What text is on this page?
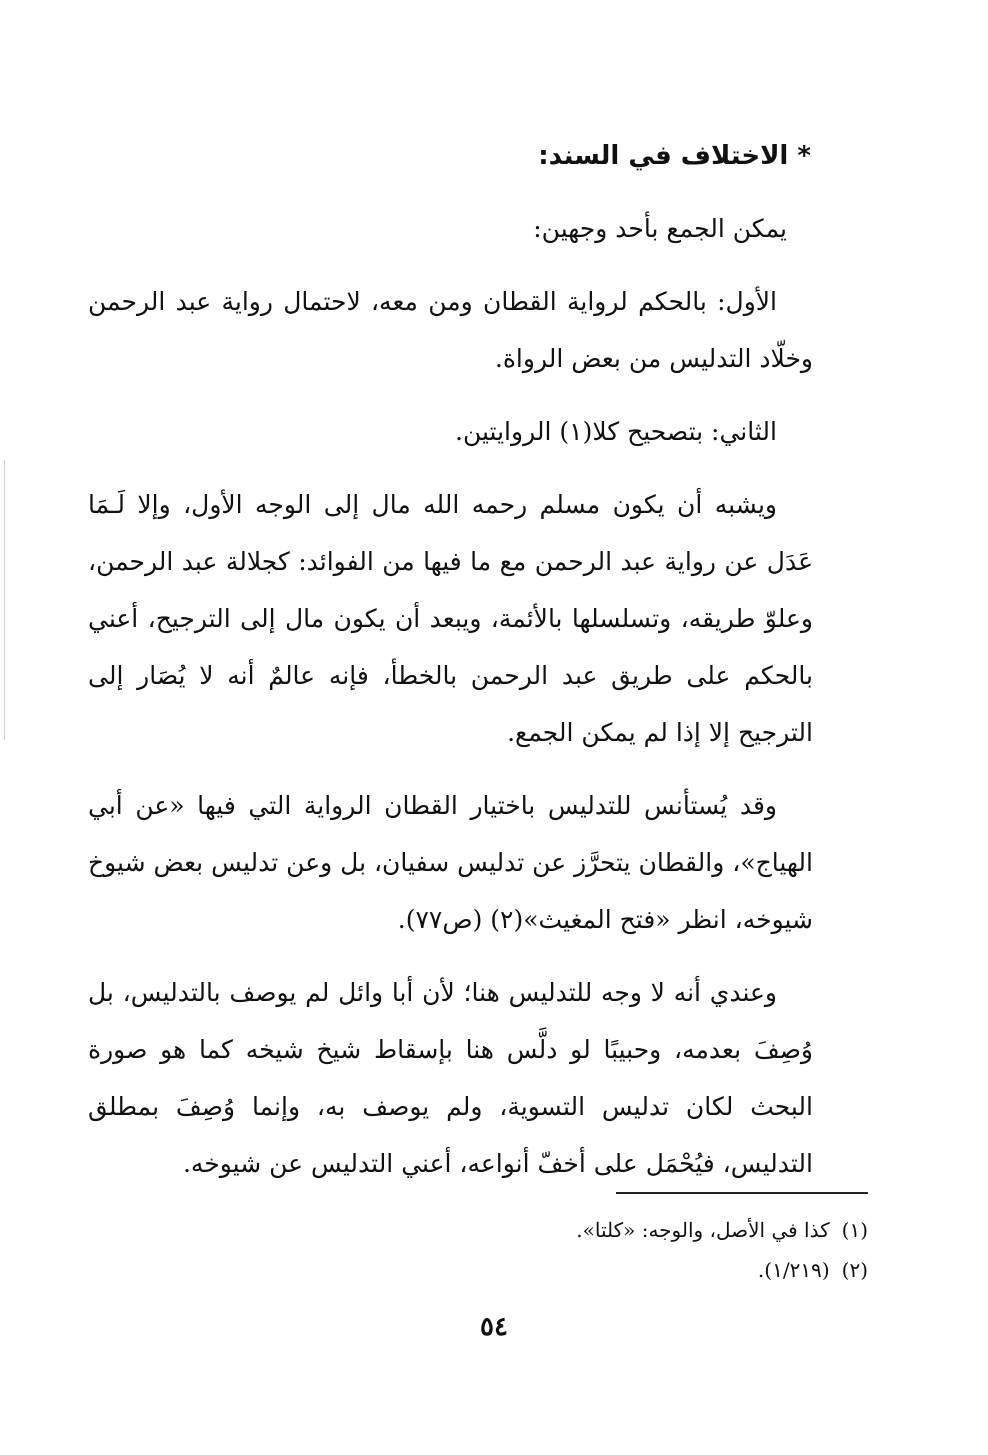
* الاختلاف في السند:

يمكن الجمع بأحد وجهين:

الأول: بالحكم لرواية القطان ومن معه، لاحتمال رواية عبد الرحمن وخلّاد التدليس من بعض الرواة.

الثاني: بتصحيح كلا(١) الروايتين.

ويشبه أن يكون مسلم رحمه الله مال إلى الوجه الأول، وإلا لَـمَا عَدَل عن رواية عبد الرحمن مع ما فيها من الفوائد: كجلالة عبد الرحمن، وعلوّ طريقه، وتسلسلها بالأئمة، ويبعد أن يكون مال إلى الترجيح، أعني بالحكم على طريق عبد الرحمن بالخطأ، فإنه عالمٌ أنه لا يُصَار إلى الترجيح إلا إذا لم يمكن الجمع.

وقد يُستأنس للتدليس باختيار القطان الرواية التي فيها «عن أبي الهياج»، والقطان يتحرَّز عن تدليس سفيان، بل وعن تدليس بعض شيوخ شيوخه، انظر «فتح المغيث»(٢) (ص٧٧).

وعندي أنه لا وجه للتدليس هنا؛ لأن أبا وائل لم يوصف بالتدليس، بل وُصِفَ بعدمه، وحبيبًا لو دلَّس هنا بإسقاط شيخ شيخه كما هو صورة البحث لكان تدليس التسوية، ولم يوصف به، وإنما وُصِفَ بمطلق التدليس، فيُحْمَل على أخفّ أنواعه، أعني التدليس عن شيوخه.

(١)
كذا في الأصل، والوجه: «كلتا».
(٢)
(١/٢١٩).
٥٤
